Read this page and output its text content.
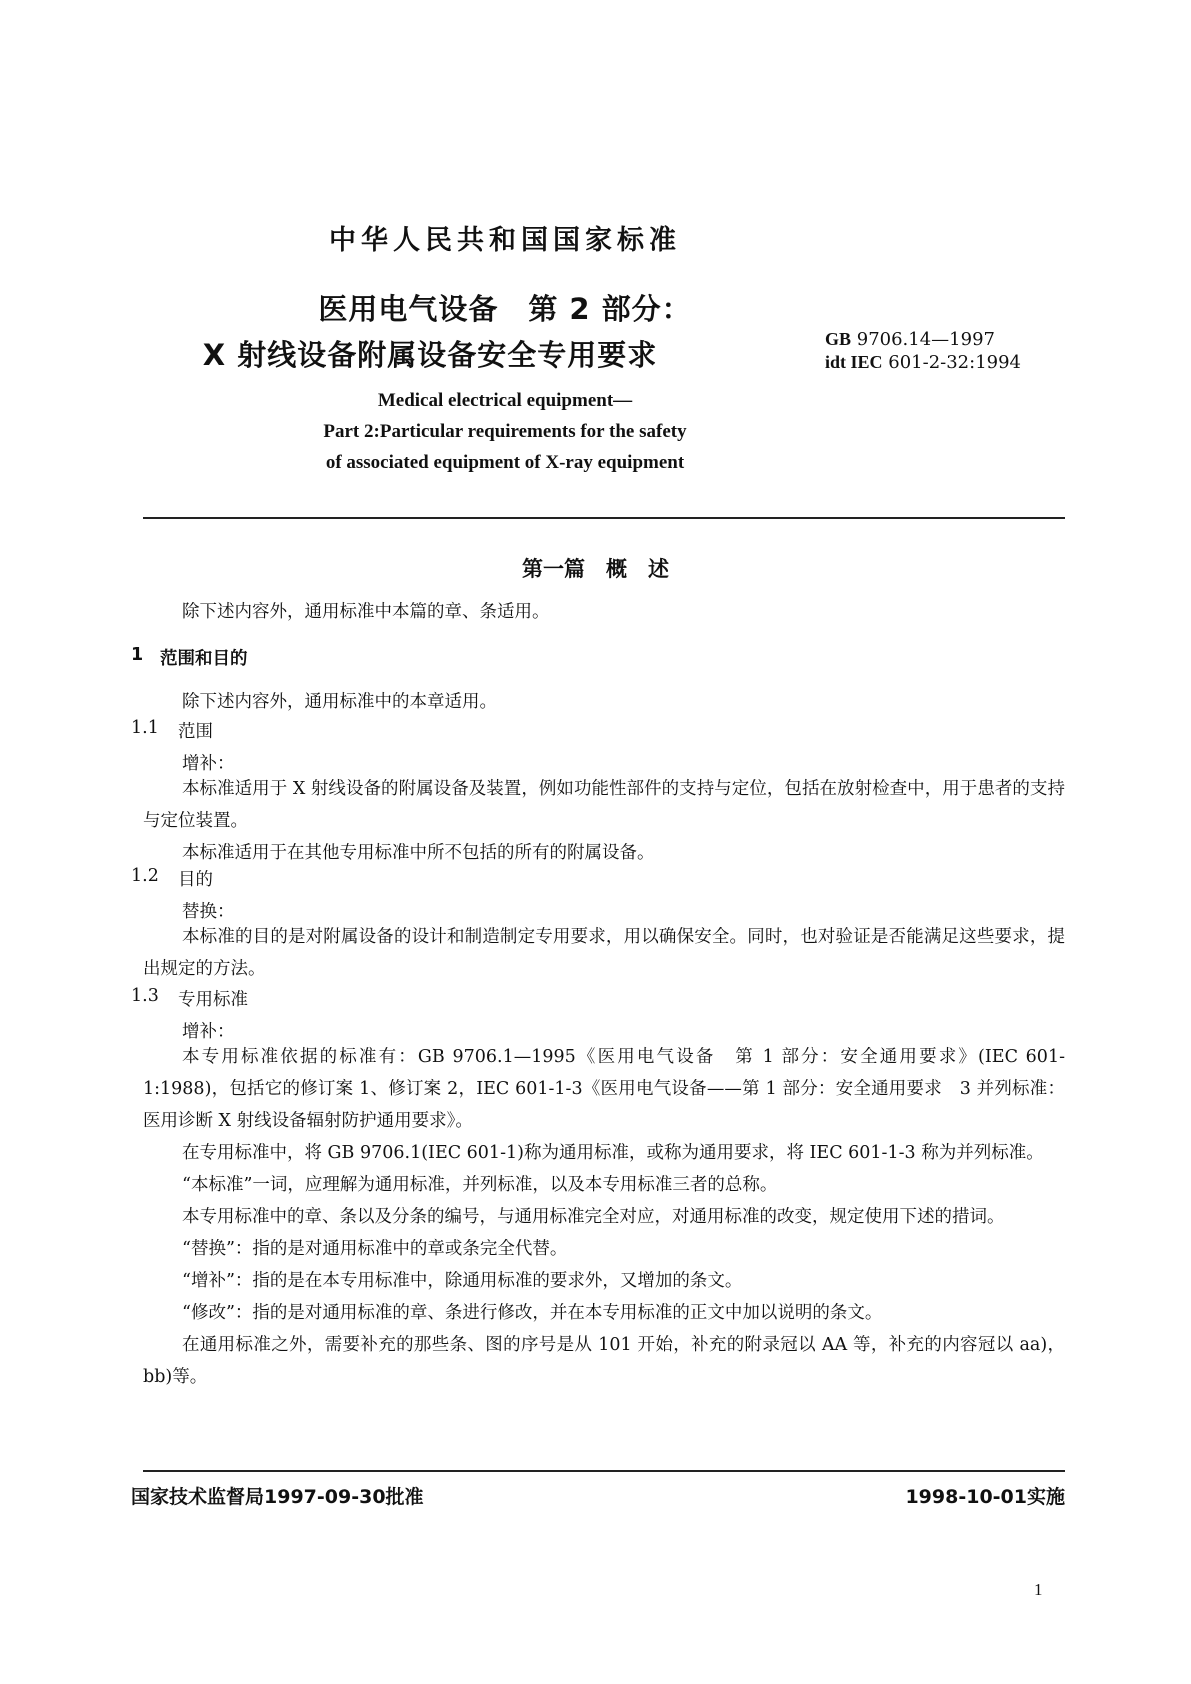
中华人民共和国国家标准
医用电气设备　第 2 部分：
X 射线设备附属设备安全专用要求	GB 9706.14—1997
idt IEC 601-2-32:1994
Medical electrical equipment—
Part 2:Particular requirements for the safety
of associated equipment of X-ray equipment
第一篇　概　述
除下述内容外，通用标准中本篇的章、条适用。
1 范围和目的
除下述内容外，通用标准中的本章适用。
1.1 范围
增补：

本标准适用于 X 射线设备的附属设备及装置，例如功能性部件的支持与定位，包括在放射检查中，用于患者的支持与定位装置。

本标准适用于在其他专用标准中所不包括的所有的附属设备。

1.2 目的
替换：

本标准的目的是对附属设备的设计和制造制定专用要求，用以确保安全。同时，也对验证是否能满足这些要求，提出规定的方法。

1.3 专用标准
增补：

本专用标准依据的标准有：GB 9706.1—1995《医用电气设备　第 1 部分：安全通用要求》(IEC 601-1:1988)，包括它的修订案 1、修订案 2，IEC 601-1-3《医用电气设备——第 1 部分：安全通用要求　3 并列标准：医用诊断 X 射线设备辐射防护通用要求》。

在专用标准中，将 GB 9706.1(IEC 601-1)称为通用标准，或称为通用要求，将 IEC 601-1-3 称为并列标准。

“本标准”一词，应理解为通用标准，并列标准，以及本专用标准三者的总称。

本专用标准中的章、条以及分条的编号，与通用标准完全对应，对通用标准的改变，规定使用下述的措词。

“替换”：指的是对通用标准中的章或条完全代替。

“增补”：指的是在本专用标准中，除通用标准的要求外，又增加的条文。

“修改”：指的是对通用标准的章、条进行修改，并在本专用标准的正文中加以说明的条文。

在通用标准之外，需要补充的那些条、图的序号是从 101 开始，补充的附录冠以 AA 等，补充的内容冠以 aa)，bb)等。

国家技术监督局1997-09-30批准	1998-10-01实施
1
